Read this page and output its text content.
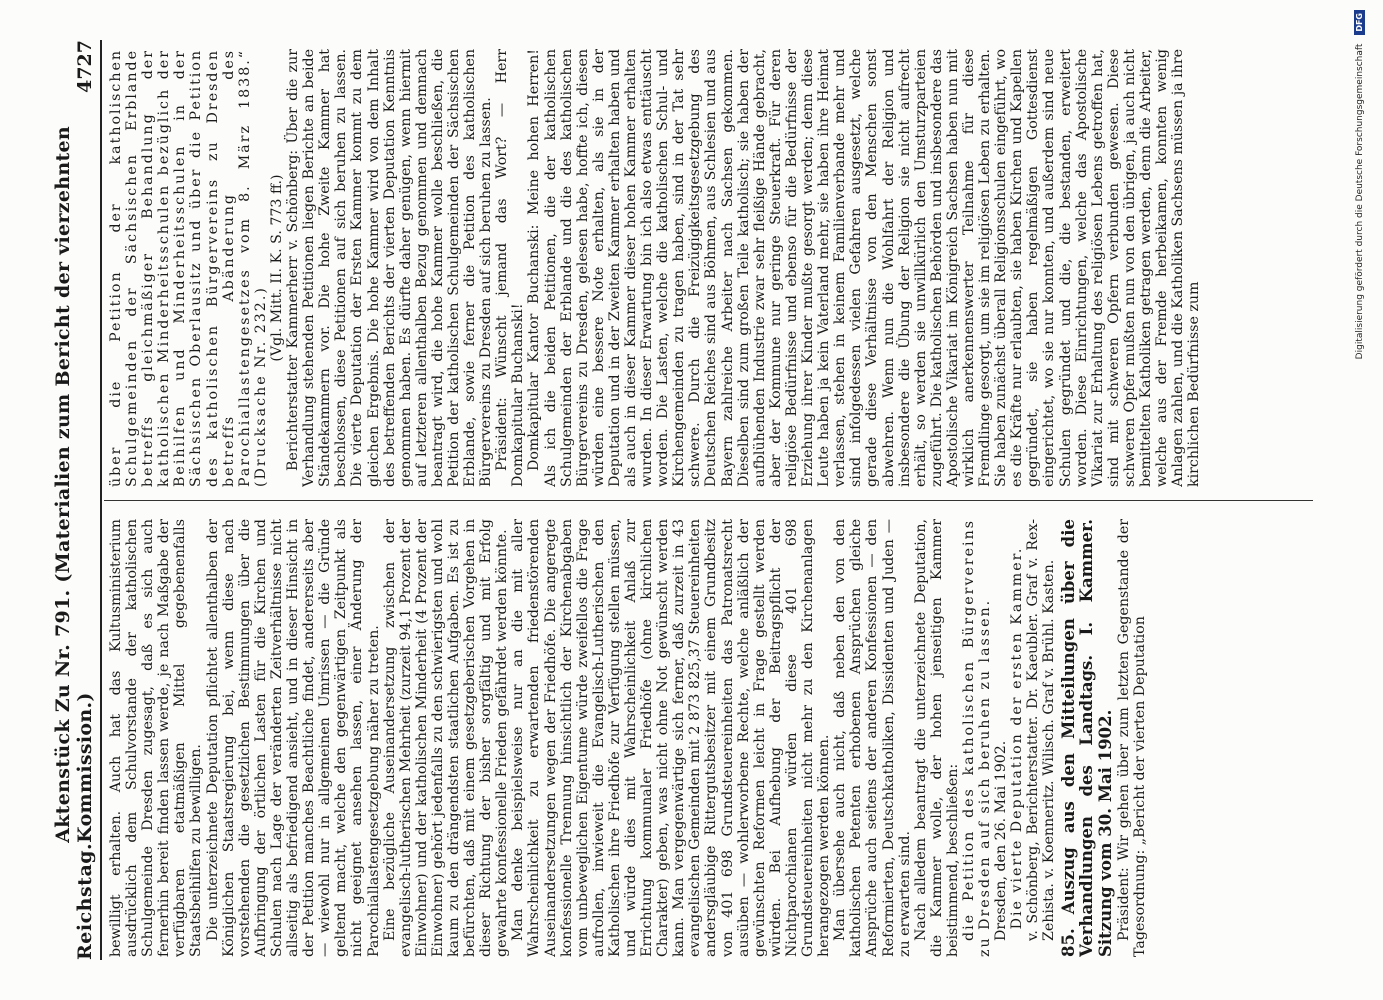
Reichstag.
Aktenstück Zu Nr. 791. (Materialien zum Bericht der vierzehnten Kommission.)
4727

bewilligt erhalten. Auch hat das Kultusministerium ausdrücklich dem Schulvorstande der katholischen Schulgemeinde Dresden zugesagt, daß es sich auch fernerhin bereit finden lassen werde, je nach Maßgabe der verfügbaren etatmäßigen Mittel gegebenenfalls Staatsbeihilfen zu bewilligen. Die unterzeichnete Deputation pflichtet allenthalben der Königlichen Staatsregierung bei, wenn diese nach vorstehenden die gesetzlichen Bestimmungen über die Aufbringung der örtlichen Lasten für die Kirchen und Schulen nach Lage der veränderten Zeitverhältnisse nicht allseitig als befriedigend ansieht, und in dieser Hinsicht in der Petition manches Beachtliche findet, andererseits aber — wiewohl nur in allgemeinen Umrissen — die Gründe geltend macht, welche den gegenwärtigen Zeitpunkt als nicht geeignet ansehen lassen, einer Änderung der Parochiallastengesetzgebung näher zu treten. Eine bezügliche Auseinandersetzung zwischen der evangelisch-lutherischen Mehrheit (zurzeit 94,1 Prozent der Einwohner) und der katholischen Minderheit (4 Prozent der Einwohner) gehört jedenfalls zu den schwierigsten und wohl kaum zu den drängendsten staatlichen Aufgaben. Es ist zu befürchten, daß mit einem gesetzgeberischen Vorgehen in dieser Richtung der bisher sorgfältig und mit Erfolg gewahrte konfessionelle Frieden gefährdet werden könnte. Man denke beispielsweise nur an die mit aller Wahrscheinlichkeit zu erwartenden friedenstörenden Auseinandersetzungen wegen der Friedhöfe. Die angeregte konfessionelle Trennung hinsichtlich der Kirchenabgaben vom unbeweglichen Eigentume würde zweifellos die Frage aufrollen, inwieweit die Evangelisch-Lutherischen den Katholischen ihre Friedhöfe zur Verfügung stellen müssen, und würde dies mit Wahrscheinlichkeit Anlaß zur Errichtung kommunaler Friedhöfe (ohne kirchlichen Charakter) geben, was nicht ohne Not gewünscht werden kann. Man vergegenwärtige sich ferner, daß zurzeit in 43 evangelischen Gemeinden mit 2 873 825,37 Steuereinheiten andersgläubige Rittergutsbesitzer mit einem Grundbesitz von 401 698 Grundsteuereinheiten das Patronatsrecht ausüben — wohlerworbene Rechte, welche anläßlich der gewünschten Reformen leicht in Frage gestellt werden würden. Bei Aufhebung der Beitragspflicht der Nichtparochianen würden diese 401 698 Grundsteuereinheiten nicht mehr zu den Kirchenanlagen herangezogen werden können. Man übersehe auch nicht, daß neben den von den katholischen Petenten erhobenen Ansprüchen gleiche Ansprüche auch seitens der anderen Konfessionen — den Reformierten, Deutschkatholiken, Dissidenten und Juden — zu erwarten sind. Nach alledem beantragt die unterzeichnete Deputation, die Kammer wolle, der hohen jenseitigen Kammer beistimmend, beschließen: die Petition des katholischen Bürgervereins zu Dresden auf sich beruhen zu lassen. Dresden, den 26. Mai 1902. Die vierte Deputation der ersten Kammer. v. Schönberg, Berichterstatter. Dr. Kaeubler. Graf v. Rex-Zehista. v. Koenneritz. Wilisch. Graf v. Brühl. Kasten. 85. Auszug aus den Mitteilungen über die Verhandlungen des Landtags. I. Kammer. Sitzung vom 30. Mai 1902. Präsident: Wir gehen über zum letzten Gegenstande der Tagesordnung: „Bericht der vierten Deputation

über die Petition der katholischen Schulgemeinden der Sächsischen Erblande betreffs gleichmäßiger Behandlung der katholischen Minderheitsschulen bezüglich der Beihilfen und Minderheitsschulen in der Sächsischen Oberlausitz und über die Petition des katholischen Bürgervereins zu Dresden betreffs Abänderung des Parochiallastengesetzes vom 8. März 1838.“ (Drucksache Nr. 232.)

(Vgl. Mitt. II. K. S. 773 ff.) Berichterstatter Kammerherr v. Schönberg: Über die zur Verhandlung stehenden Petitionen liegen Berichte an beide Ständekammern vor. Die hohe Zweite Kammer hat beschlossen, diese Petitionen auf sich beruhen zu lassen. Die vierte Deputation der Ersten Kammer kommt zu dem gleichen Ergebnis. Die hohe Kammer wird von dem Inhalt des betreffenden Berichts der vierten Deputation Kenntnis genommen haben. Es dürfte daher genügen, wenn hiermit auf letzteren allenthalben Bezug genommen und demnach beantragt wird, die hohe Kammer wolle beschließen, die Petition der katholischen Schulgemeinden der Sächsischen Erblande, sowie ferner die Petition des katholischen Bürgervereins zu Dresden auf sich beruhen zu lassen. Präsident: Wünscht jemand das Wort? — Herr Domkapitular Buchanski! Domkapitular Kantor Buchanski: Meine hohen Herren! Als ich die beiden Petitionen, die der katholischen Schulgemeinden der Erblande und die des katholischen Bürgervereins zu Dresden, gelesen habe, hoffte ich, diesen würden eine bessere Note erhalten, als sie in der Deputation und in der Zweiten Kammer erhalten haben und als auch in dieser Kammer dieser hohen Kammer erhalten wurden. In dieser Erwartung bin ich also etwas enttäuscht worden. Die Lasten, welche die katholischen Schul- und Kirchengemeinden zu tragen haben, sind in der Tat sehr schwere. Durch die Freizügigkeitsgesetzgebung des Deutschen Reiches sind aus Böhmen, aus Schlesien und aus Bayern zahlreiche Arbeiter nach Sachsen gekommen. Dieselben sind zum großen Teile katholisch; sie haben der aufblühenden Industrie zwar sehr fleißige Hände gebracht, aber der Kommune nur geringe Steuerkraft. Für deren religiöse Bedürfnisse und ebenso für die Bedürfnisse der Erziehung ihrer Kinder mußte gesorgt werden; denn diese Leute haben ja kein Vaterland mehr, sie haben ihre Heimat verlassen, stehen in keinem Familienverbande mehr und sind infolgedessen vielen Gefahren ausgesetzt, welche gerade diese Verhältnisse von den Menschen sonst abwehren. Wenn nun die Wohlfahrt der Religion und insbesondere die Übung der Religion sie nicht aufrecht erhält, so werden sie unwillkürlich den Umsturzparteien zugeführt. Die katholischen Behörden und insbesondere das Apostolische Vikariat im Königreich Sachsen haben nun mit wirklich anerkennenswerter Teilnahme für diese Fremdlinge gesorgt, um sie im religiösen Leben zu erhalten. Sie haben zunächst überall Religionsschulen eingeführt, wo es die Kräfte nur erlaubten, sie haben Kirchen und Kapellen gegründet, sie haben regelmäßigen Gottesdienst eingerichtet, wo sie nur konnten, und außerdem sind neue Schulen gegründet und die, die bestanden, erweitert worden. Diese Einrichtungen, welche das Apostolische Vikariat zur Erhaltung des religiösen Lebens getroffen hat, sind mit schweren Opfern verbunden gewesen. Diese schweren Opfer mußten nun von den übrigen, ja auch nicht bemittelten Katholiken getragen werden, denn die Arbeiter, welche aus der Fremde herbeikamen, konnten wenig Anlagen zahlen, und die Katholiken Sachsens müssen ja ihre kirchlichen Bedürfnisse zum

Digitalisierung gefördert durch die Deutsche Forschungsgemeinschaft DFG
